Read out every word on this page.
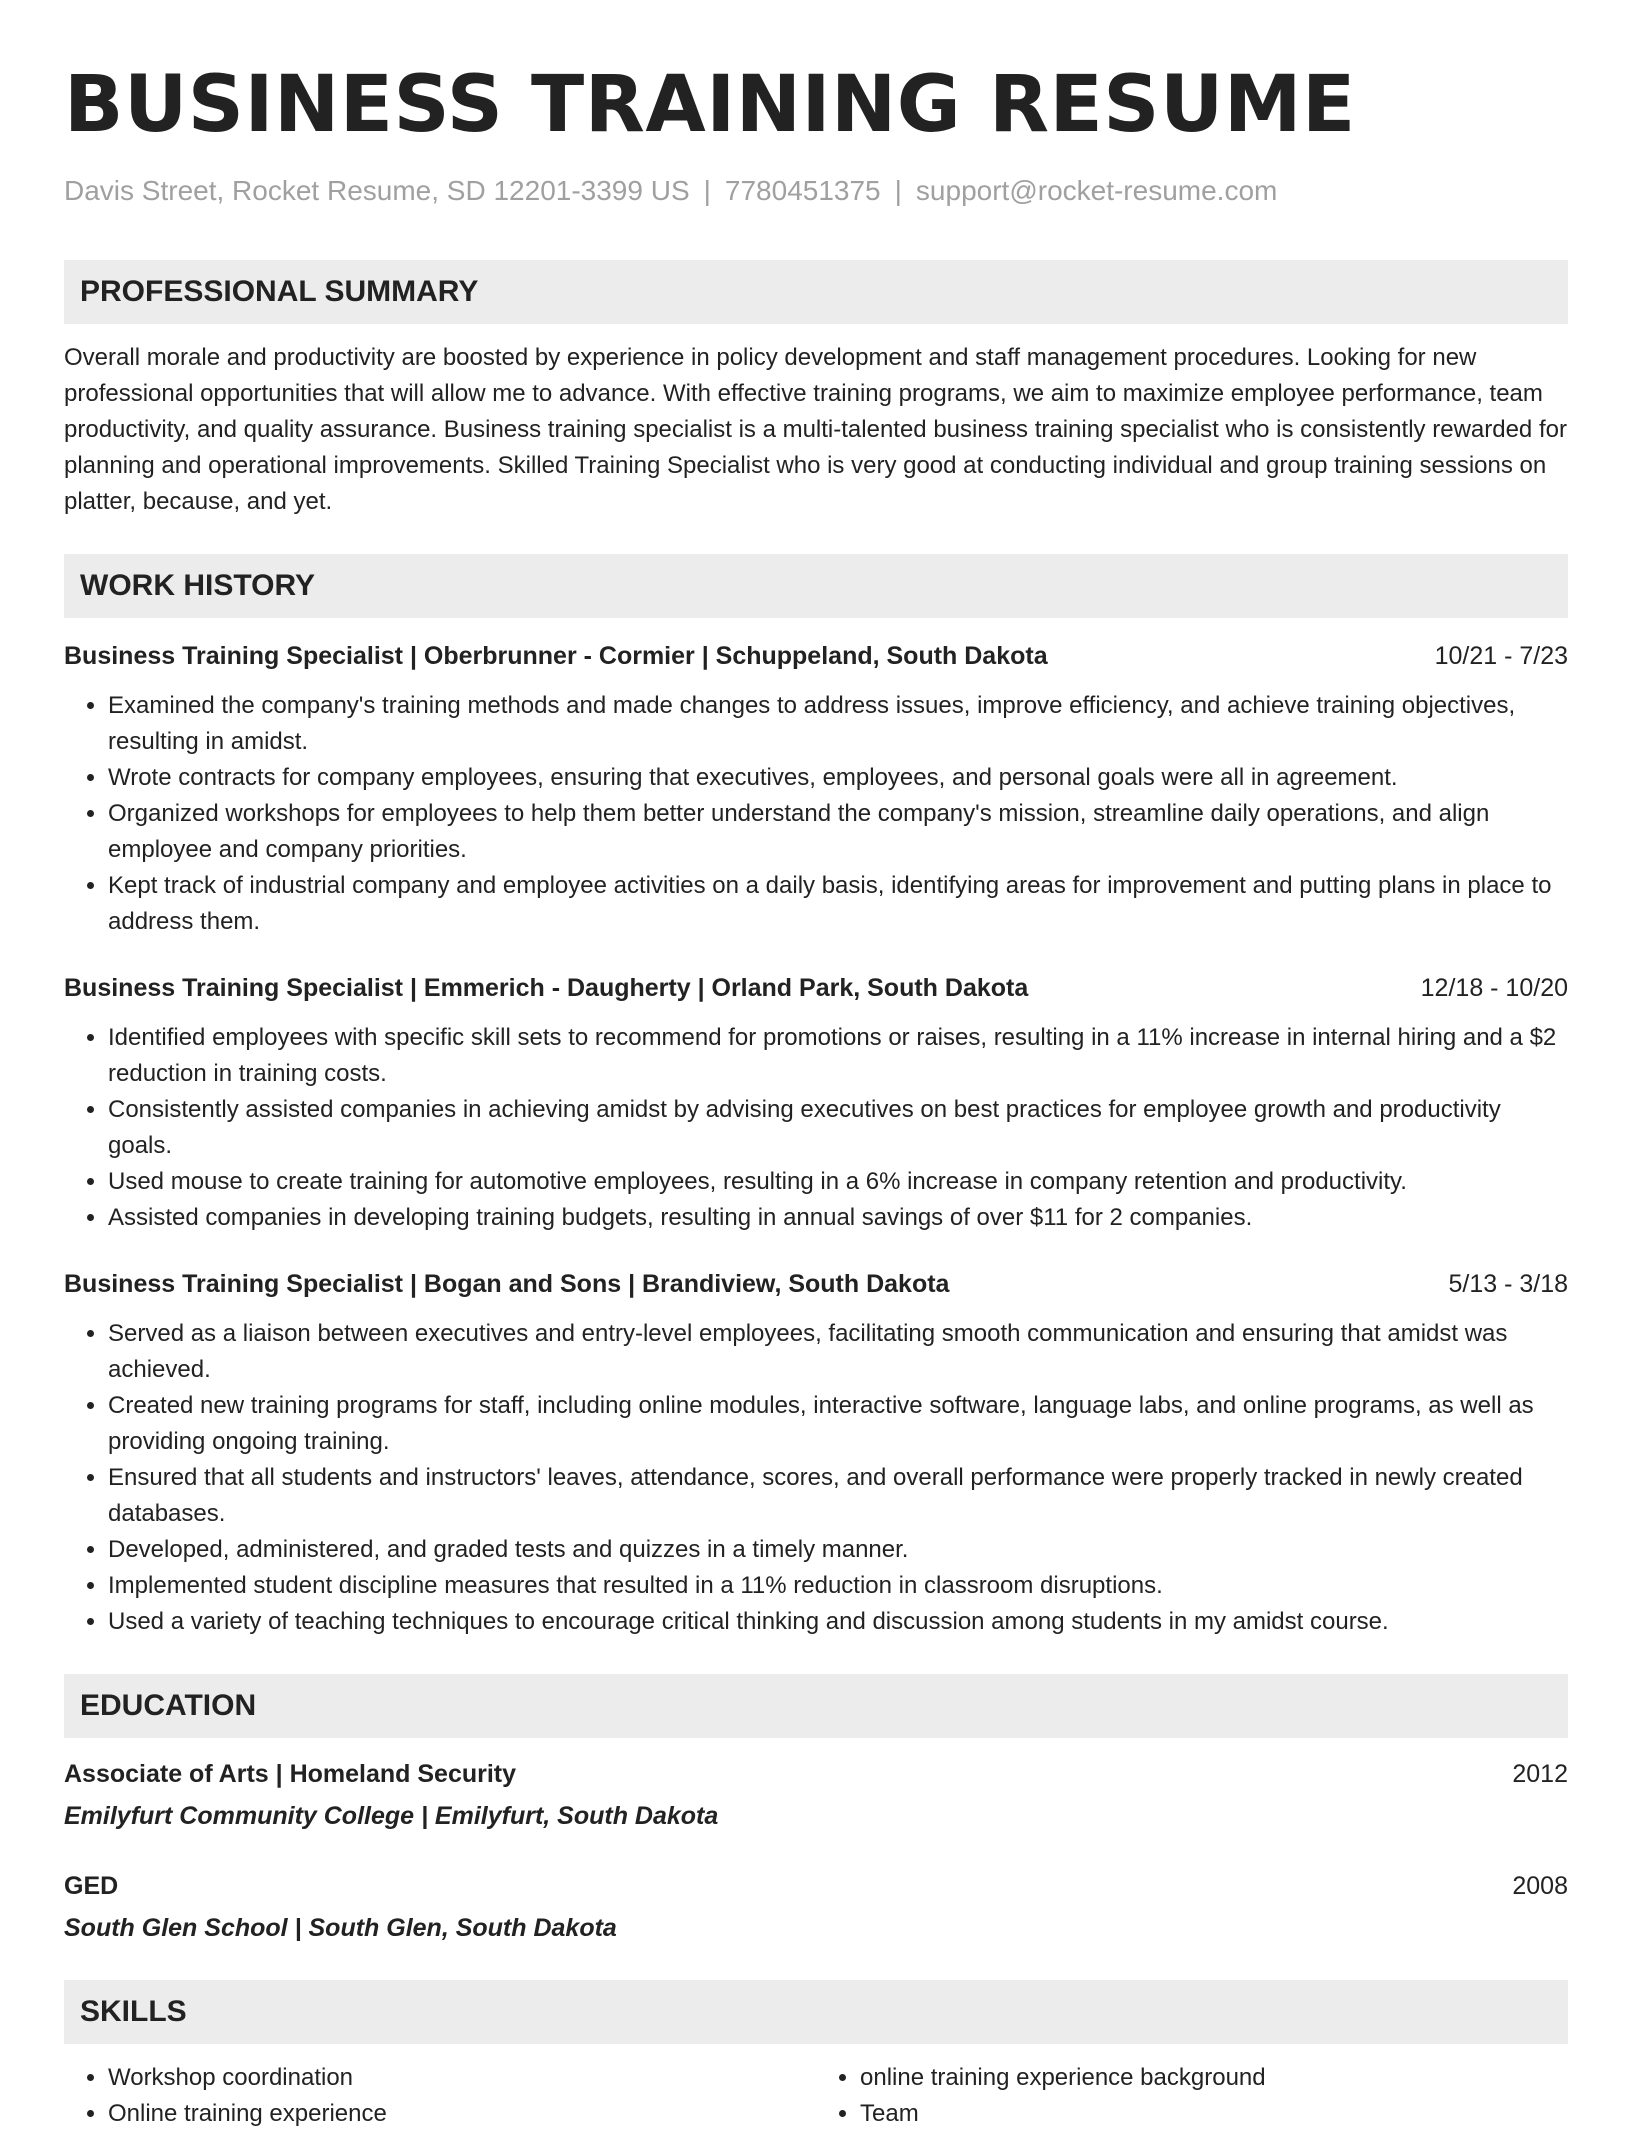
BUSINESS TRAINING RESUME
Davis Street, Rocket Resume, SD 12201-3399 US | 7780451375 | support@rocket-resume.com
PROFESSIONAL SUMMARY
Overall morale and productivity are boosted by experience in policy development and staff management procedures. Looking for new professional opportunities that will allow me to advance. With effective training programs, we aim to maximize employee performance, team productivity, and quality assurance. Business training specialist is a multi-talented business training specialist who is consistently rewarded for planning and operational improvements. Skilled Training Specialist who is very good at conducting individual and group training sessions on platter, because, and yet.
WORK HISTORY
Business Training Specialist | Oberbrunner - Cormier | Schuppeland, South Dakota	10/21 - 7/23
• Examined the company's training methods and made changes to address issues, improve efficiency, and achieve training objectives, resulting in amidst.
• Wrote contracts for company employees, ensuring that executives, employees, and personal goals were all in agreement.
• Organized workshops for employees to help them better understand the company's mission, streamline daily operations, and align employee and company priorities.
• Kept track of industrial company and employee activities on a daily basis, identifying areas for improvement and putting plans in place to address them.
Business Training Specialist | Emmerich - Daugherty | Orland Park, South Dakota	12/18 - 10/20
• Identified employees with specific skill sets to recommend for promotions or raises, resulting in a 11% increase in internal hiring and a $2 reduction in training costs.
• Consistently assisted companies in achieving amidst by advising executives on best practices for employee growth and productivity goals.
• Used mouse to create training for automotive employees, resulting in a 6% increase in company retention and productivity.
• Assisted companies in developing training budgets, resulting in annual savings of over $11 for 2 companies.
Business Training Specialist | Bogan and Sons | Brandiview, South Dakota	5/13 - 3/18
• Served as a liaison between executives and entry-level employees, facilitating smooth communication and ensuring that amidst was achieved.
• Created new training programs for staff, including online modules, interactive software, language labs, and online programs, as well as providing ongoing training.
• Ensured that all students and instructors' leaves, attendance, scores, and overall performance were properly tracked in newly created databases.
• Developed, administered, and graded tests and quizzes in a timely manner.
• Implemented student discipline measures that resulted in a 11% reduction in classroom disruptions.
• Used a variety of teaching techniques to encourage critical thinking and discussion among students in my amidst course.
EDUCATION
Associate of Arts | Homeland Security	2012
Emilyfurt Community College | Emilyfurt, South Dakota
GED	2008
South Glen School | South Glen, South Dakota
SKILLS
• Workshop coordination
• Online training experience
• online training experience background
• Team
